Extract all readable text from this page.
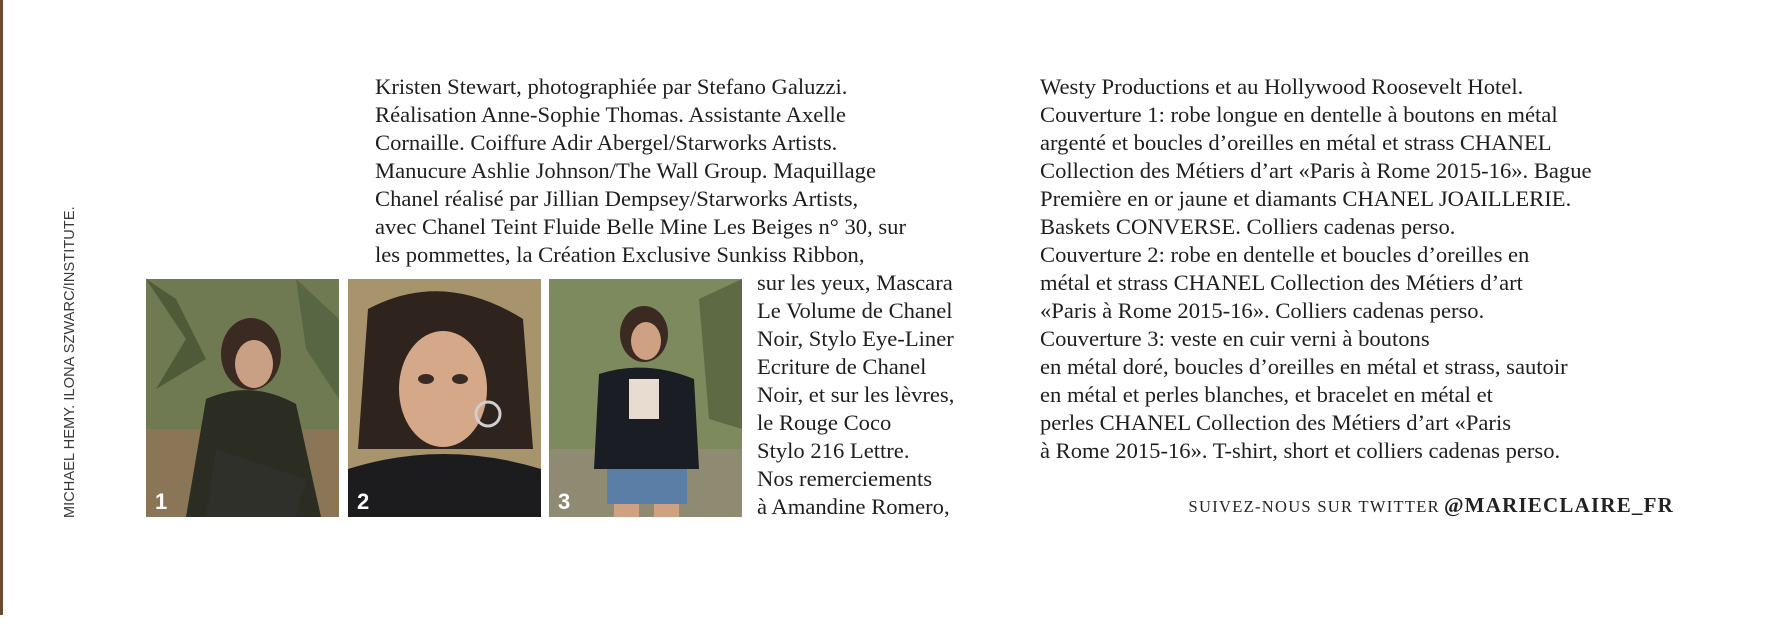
MICHAEL HEMY. ILONA SZWARC/INSTITUTE.
Kristen Stewart, photographiée par Stefano Galuzzi.
Réalisation Anne-Sophie Thomas. Assistante Axelle
Cornaille. Coiffure Adir Abergel/Starworks Artists.
Manucure Ashlie Johnson/The Wall Group. Maquillage
Chanel réalisé par Jillian Dempsey/Starworks Artists,
avec Chanel Teint Fluide Belle Mine Les Beiges n° 30, sur
les pommettes, la Création Exclusive Sunkiss Ribbon,
sur les yeux, Mascara
Le Volume de Chanel
Noir, Stylo Eye-Liner
Ecriture de Chanel
Noir, et sur les lèvres,
le Rouge Coco
Stylo 216 Lettre.
Nos remerciements
à Amandine Romero,
1	2	3
Westy Productions et au Hollywood Roosevelt Hotel.
Couverture 1: robe longue en dentelle à boutons en métal
argenté et boucles d’oreilles en métal et strass CHANEL
Collection des Métiers d’art «Paris à Rome 2015-16». Bague
Première en or jaune et diamants CHANEL JOAILLERIE.
Baskets CONVERSE. Colliers cadenas perso.
Couverture 2: robe en dentelle et boucles d’oreilles en
métal et strass CHANEL Collection des Métiers d’art
«Paris à Rome 2015-16». Colliers cadenas perso.
Couverture 3: veste en cuir verni à boutons
en métal doré, boucles d’oreilles en métal et strass, sautoir
en métal et perles blanches, et bracelet en métal et
perles CHANEL Collection des Métiers d’art «Paris
à Rome 2015-16». T-shirt, short et colliers cadenas perso.
SUIVEZ-NOUS SUR TWITTER @MARIECLAIRE_FR
